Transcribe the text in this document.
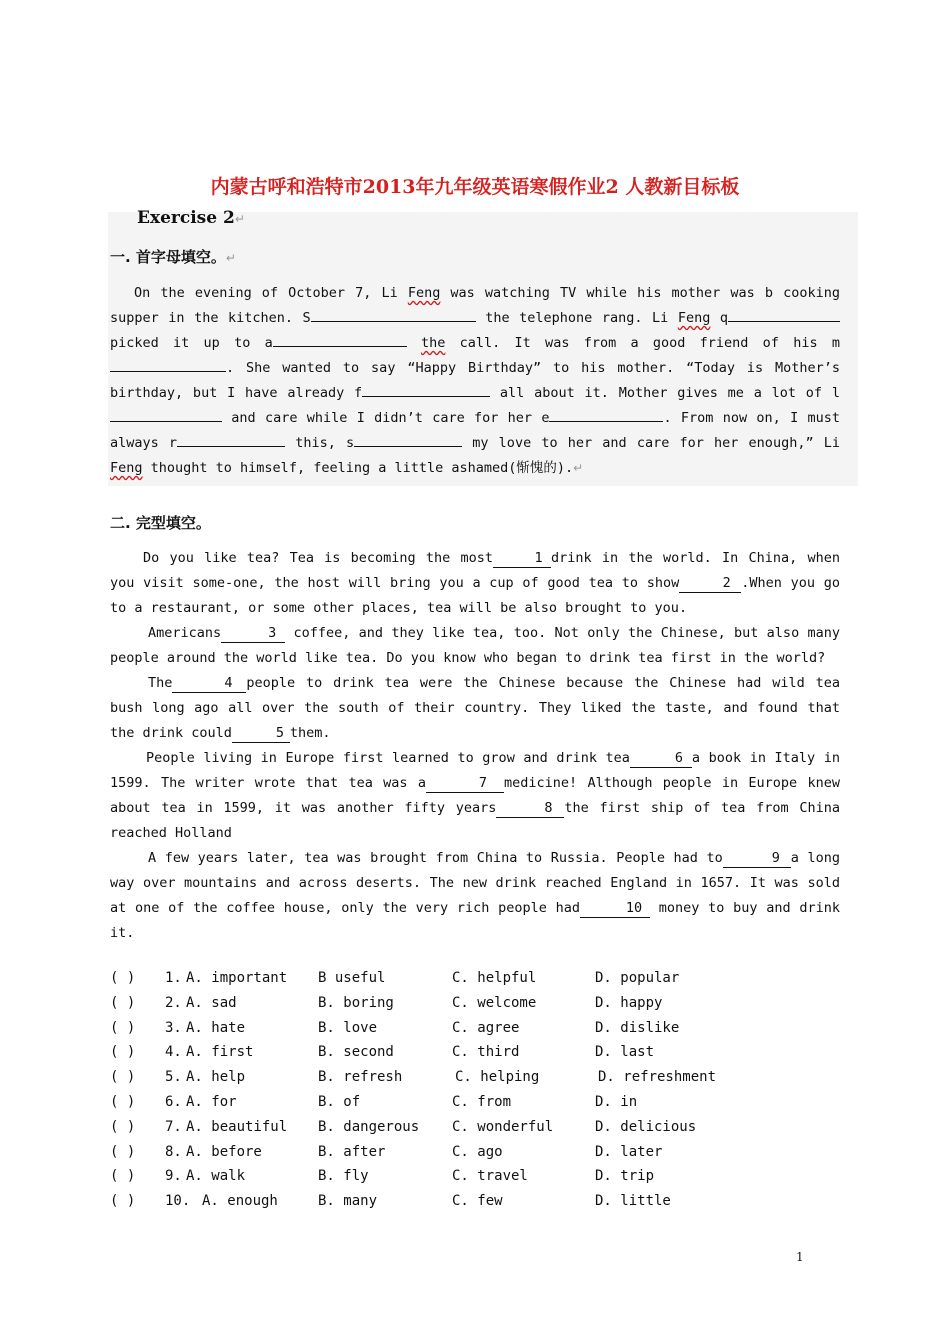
内蒙古呼和浩特市2013年九年级英语寒假作业2 人教新目标板
Exercise 2↵
一. 首字母填空。↵
On the evening of October 7, Li Feng was watching TV while his mother was b cooking supper in the kitchen. S	the telephone rang. Li Feng q picked it up to a	the call. It was from a good friend of his m. She wanted to say “Happy Birthday” to his mother. “Today is Mother’s birthday, but I have already f	all about it. Mother gives me a lot of l and care while I didn’t care for her e	. From now on, I must always r	this, s	my love to her and care for her enough,” Li Feng thought to himself, feeling a little ashamed(惭愧的).↵
二. 完型填空。

Do you like tea? Tea is becoming the most	1 drink in the world. In China, when you visit some-one, the host will bring you a cup of good tea to show	2 .When you go to a restaurant, or some other places, tea will be also brought to you.

Americans	3 coffee, and they like tea, too. Not only the Chinese, but also many people around the world like tea. Do you know who began to drink tea first in the world?

The	4 people to drink tea were the Chinese because the Chinese had wild tea bush long ago all over the south of their country. They liked the taste, and found that the drink could	5 them.

People living in Europe first learned to grow and drink tea	6 a book in Italy in 1599. The writer wrote that tea was a	7 medicine! Although people in Europe knew about tea in 1599, it was another fifty years	8 the first ship of tea from China reached Holland

A few years later, tea was brought from China to Russia. People had to	9 a long way over mountains and across deserts. The new drink reached England in 1657. It was sold at one of the coffee house, only the very rich people had	10 money to buy and drink it.

( ) 1. A. important B useful	C. helpful	D. popular
( ) 2. A. sad	B. boring	C. welcome	D. happy
( ) 3. A. hate	B. love	C. agree	D. dislike
( ) 4. A. first	B. second	C. third	D. last
( ) 5. A. help	B. refresh	C. helping	D. refreshment
( ) 6. A. for	B. of	C. from	D. in
( ) 7. A. beautiful B. dangerous C. wonderful	D. delicious
( ) 8. A. before	B. after	C. ago	D. later
( ) 9. A. walk	B. fly	C. travel	D. trip
( ) 10. A. enough	B. many	C. few	D. little
1
